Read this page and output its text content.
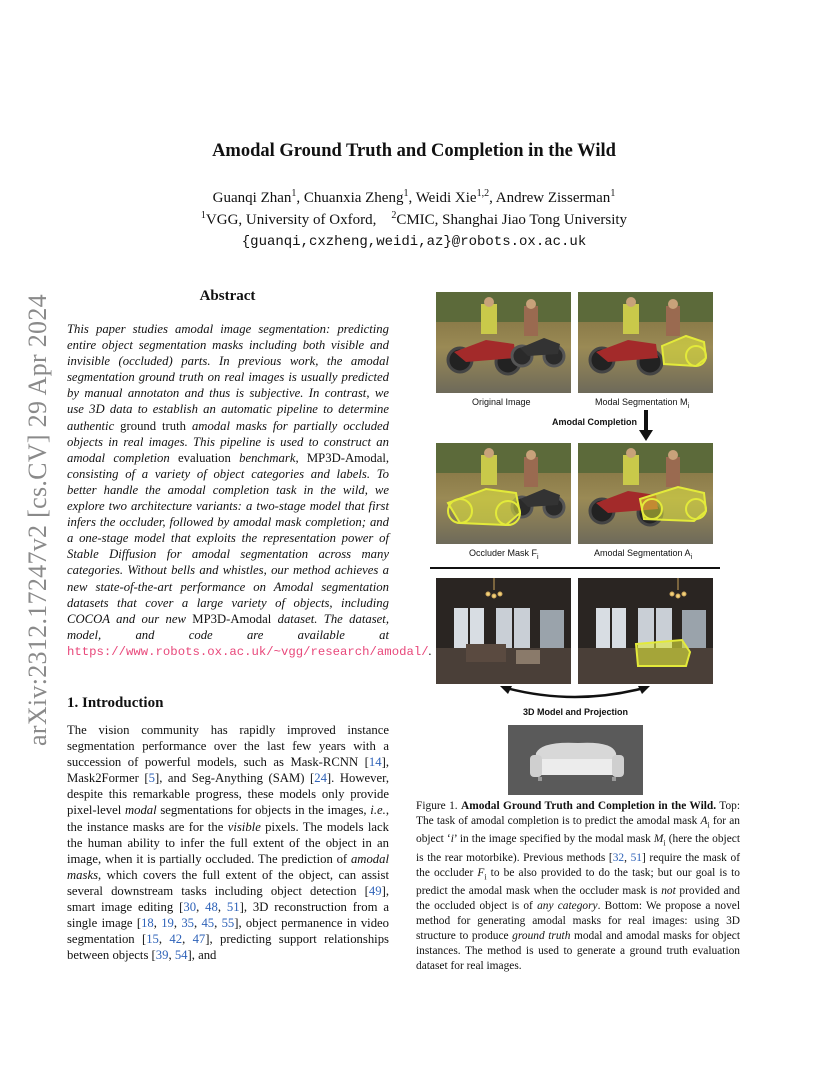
arXiv:2312.17247v2 [cs.CV] 29 Apr 2024
Amodal Ground Truth and Completion in the Wild
Guanqi Zhan$^1$, Chuanxia Zheng$^1$, Weidi Xie$^{1,2}$, Andrew Zisserman$^1$
$^1$VGG, University of Oxford, $^2$CMIC, Shanghai Jiao Tong University
{guanqi,cxzheng,weidi,az}@robots.ox.ac.uk
Abstract
This paper studies amodal image segmentation: predicting entire object segmentation masks including both visible and invisible (occluded) parts. In previous work, the amodal segmentation ground truth on real images is usually predicted by manual annotaton and thus is subjective. In contrast, we use 3D data to establish an automatic pipeline to determine authentic ground truth amodal masks for partially occluded objects in real images. This pipeline is used to construct an amodal completion evaluation benchmark, MP3D-Amodal, consisting of a variety of object categories and labels. To better handle the amodal completion task in the wild, we explore two architecture variants: a two-stage model that first infers the occluder, followed by amodal mask completion; and a one-stage model that exploits the representation power of Stable Diffusion for amodal segmentation across many categories. Without bells and whistles, our method achieves a new state-of-the-art performance on Amodal segmentation datasets that cover a large variety of objects, including COCOA and our new MP3D-Amodal dataset. The dataset, model, and code are available at https://www.robots.ox.ac.uk/~vgg/research/amodal/.
1. Introduction
The vision community has rapidly improved instance segmentation performance over the last few years with a succession of powerful models, such as Mask-RCNN [14], Mask2Former [5], and Seg-Anything (SAM) [24]. However, despite this remarkable progress, these models only provide pixel-level modal segmentations for objects in the images, i.e., the instance masks are for the visible pixels. The models lack the human ability to infer the full extent of the object in an image, when it is partially occluded. The prediction of amodal masks, which covers the full extent of the object, can assist several downstream tasks including object detection [49], smart image editing [30, 48, 51], 3D reconstruction from a single image [18, 19, 35, 45, 55], object permanence in video segmentation [15, 42, 47], predicting support relationships between objects [39, 54], and
Original Image	Modal Segmentation $M_i$
Amodal Completion
Occluder Mask $F_i$	Amodal Segmentation $A_i$
3D Model and Projection
Figure 1. Amodal Ground Truth and Completion in the Wild. Top: The task of amodal completion is to predict the amodal mask $A_i$ for an object ‘i’ in the image specified by the modal mask $M_i$ (here the object is the rear motorbike). Previous methods [32, 51] require the mask of the occluder $F_i$ to be also provided to do the task; but our goal is to predict the amodal mask when the occluder mask is not provided and the occluded object is of any category. Bottom: We propose a novel method for generating amodal masks for real images: using 3D structure to produce ground truth modal and amodal masks for object instances. The method is used to generate a ground truth evaluation dataset for real images.
